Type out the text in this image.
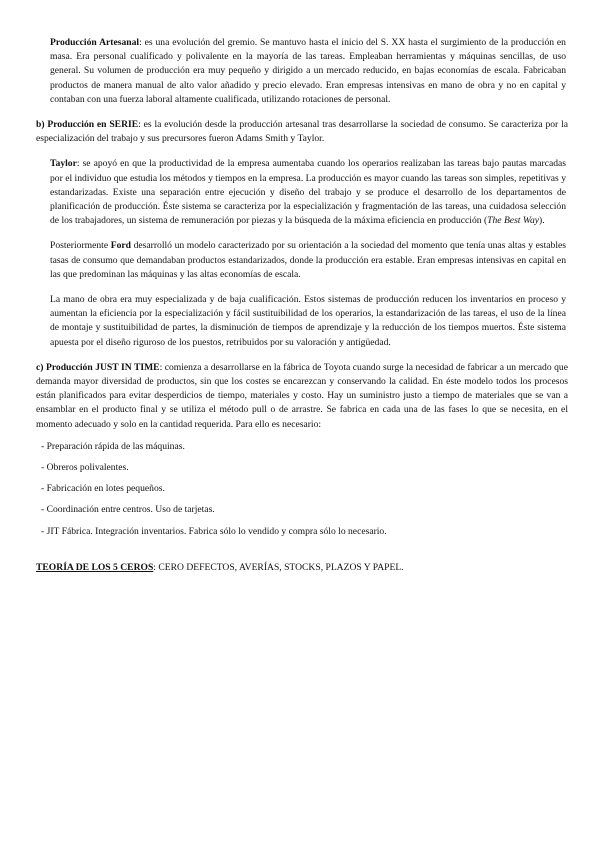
Producción Artesanal: es una evolución del gremio. Se mantuvo hasta el inicio del S. XX hasta el surgimiento de la producción en masa. Era personal cualificado y polivalente en la mayoría de las tareas. Empleaban herramientas y máquinas sencillas, de uso general. Su volumen de producción era muy pequeño y dirigido a un mercado reducido, en bajas economías de escala. Fabricaban productos de manera manual de alto valor añadido y precio elevado. Eran empresas intensivas en mano de obra y no en capital y contaban con una fuerza laboral altamente cualificada, utilizando rotaciones de personal.

b) Producción en SERIE: es la evolución desde la producción artesanal tras desarrollarse la sociedad de consumo. Se caracteriza por la especialización del trabajo y sus precursores fueron Adams Smith y Taylor.

Taylor: se apoyó en que la productividad de la empresa aumentaba cuando los operarios realizaban las tareas bajo pautas marcadas por el individuo que estudia los métodos y tiempos en la empresa. La producción es mayor cuando las tareas son simples, repetitivas y estandarizadas. Existe una separación entre ejecución y diseño del trabajo y se produce el desarrollo de los departamentos de planificación de producción. Éste sistema se caracteriza por la especialización y fragmentación de las tareas, una cuidadosa selección de los trabajadores, un sistema de remuneración por piezas y la búsqueda de la máxima eficiencia en producción (The Best Way).

Posteriormente Ford desarrolló un modelo caracterizado por su orientación a la sociedad del momento que tenía unas altas y estables tasas de consumo que demandaban productos estandarizados, donde la producción era estable. Eran empresas intensivas en capital en las que predominan las máquinas y las altas economías de escala.

La mano de obra era muy especializada y de baja cualificación. Estos sistemas de producción reducen los inventarios en proceso y aumentan la eficiencia por la especialización y fácil sustituibilidad de los operarios, la estandarización de las tareas, el uso de la línea de montaje y sustituibilidad de partes, la disminución de tiempos de aprendizaje y la reducción de los tiempos muertos. Éste sistema apuesta por el diseño riguroso de los puestos, retribuidos por su valoración y antigüedad.

c) Producción JUST IN TIME: comienza a desarrollarse en la fábrica de Toyota cuando surge la necesidad de fabricar a un mercado que demanda mayor diversidad de productos, sin que los costes se encarezcan y conservando la calidad. En éste modelo todos los procesos están planificados para evitar desperdicios de tiempo, materiales y costo. Hay un suministro justo a tiempo de materiales que se van a ensamblar en el producto final y se utiliza el método pull o de arrastre. Se fabrica en cada una de las fases lo que se necesita, en el momento adecuado y solo en la cantidad requerida. Para ello es necesario:

- Preparación rápida de las máquinas.
- Obreros polivalentes.
- Fabricación en lotes pequeños.
- Coordinación entre centros. Uso de tarjetas.
- JIT Fábrica. Integración inventarios. Fabrica sólo lo vendido y compra sólo lo necesario.

TEORÍA DE LOS 5 CEROS: CERO DEFECTOS, AVERÍAS, STOCKS, PLAZOS Y PAPEL.
